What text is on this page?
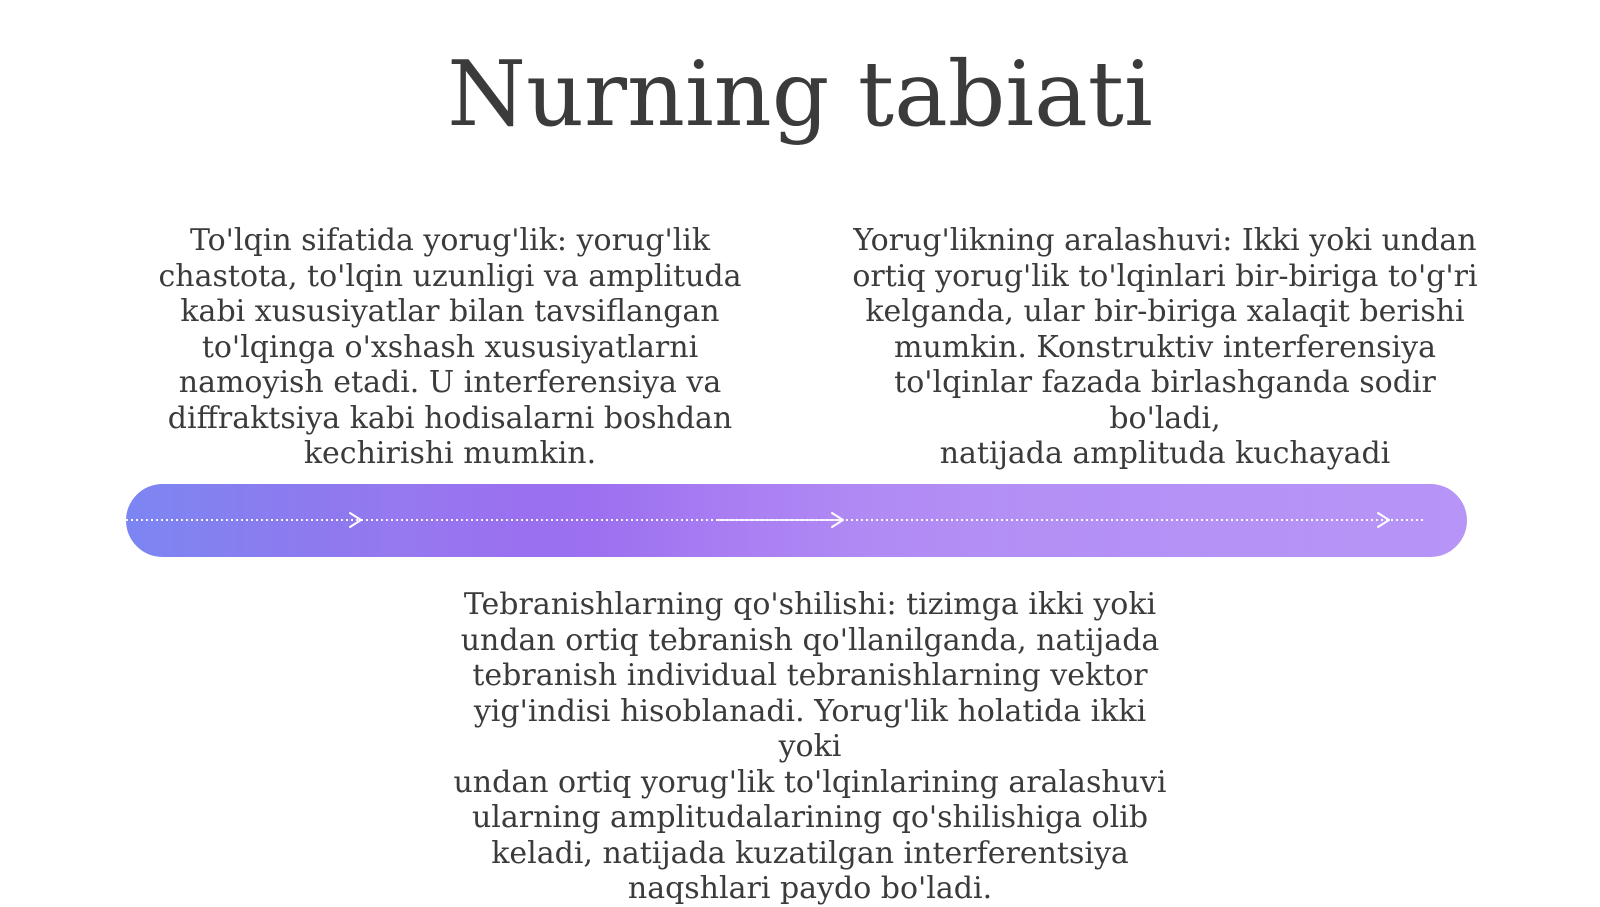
Nurning tabiati
To'lqin sifatida yorug'lik: yorug'lik
chastota, to'lqin uzunligi va amplituda
kabi xususiyatlar bilan tavsiflangan
to'lqinga o'xshash xususiyatlarni
namoyish etadi. U interferensiya va
diffraktsiya kabi hodisalarni boshdan
kechirishi mumkin.
Yorug'likning aralashuvi: Ikki yoki undan
ortiq yorug'lik to'lqinlari bir-biriga to'g'ri
kelganda, ular bir-biriga xalaqit berishi
mumkin. Konstruktiv interferensiya
to'lqinlar fazada birlashganda sodir bo'ladi,
natijada amplituda kuchayadi
Tebranishlarning qo'shilishi: tizimga ikki yoki
undan ortiq tebranish qo'llanilganda, natijada
tebranish individual tebranishlarning vektor
yig'indisi hisoblanadi. Yorug'lik holatida ikki yoki
undan ortiq yorug'lik to'lqinlarining aralashuvi
ularning amplitudalarining qo'shilishiga olib
keladi, natijada kuzatilgan interferentsiya
naqshlari paydo bo'ladi.
